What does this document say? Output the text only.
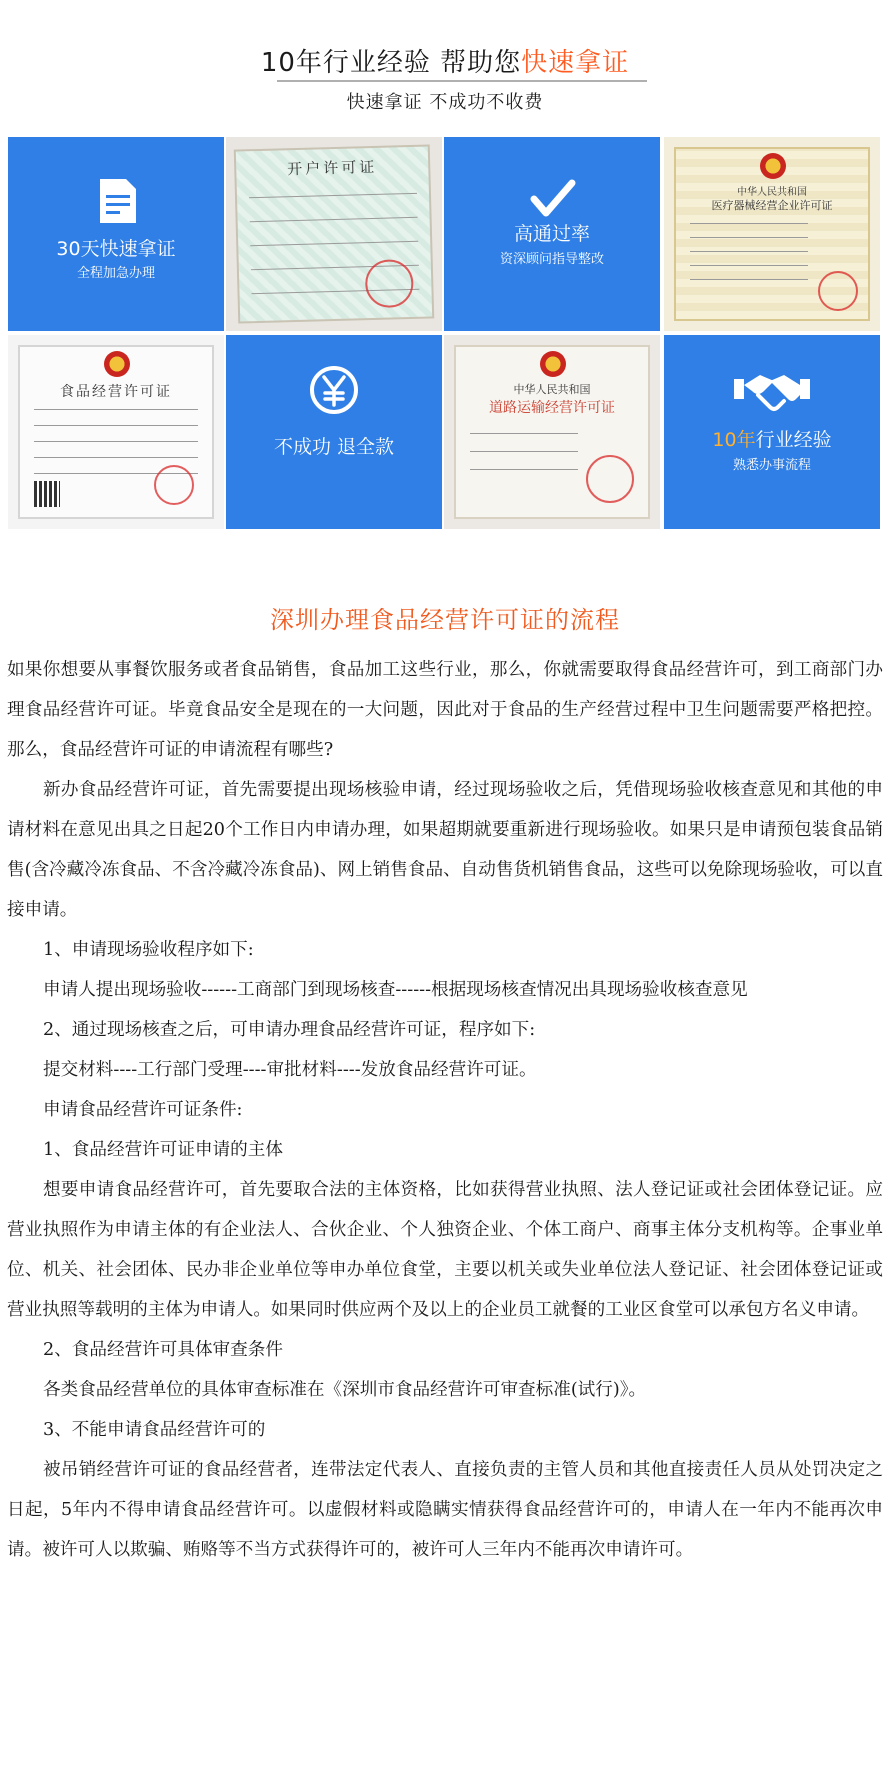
10年行业经验 帮助您快速拿证
快速拿证 不成功不收费
30天快速拿证
全程加急办理
开户许可证
高通过率
资深顾问指导整改
中华人民共和国
医疗器械经营企业许可证
食品经营许可证
不成功 退全款
中华人民共和国
道路运输经营许可证
10年行业经验
熟悉办事流程
深圳办理食品经营许可证的流程

如果你想要从事餐饮服务或者食品销售，食品加工这些行业，那么，你就需要取得食品经营许可，到工商部门办理食品经营许可证。毕竟食品安全是现在的一大问题，因此对于食品的生产经营过程中卫生问题需要严格把控。那么，食品经营许可证的申请流程有哪些?

新办食品经营许可证，首先需要提出现场核验申请，经过现场验收之后，凭借现场验收核查意见和其他的申请材料在意见出具之日起20个工作日内申请办理，如果超期就要重新进行现场验收。如果只是申请预包装食品销售(含冷藏冷冻食品、不含冷藏冷冻食品)、网上销售食品、自动售货机销售食品，这些可以免除现场验收，可以直接申请。

1、申请现场验收程序如下:

申请人提出现场验收------工商部门到现场核查------根据现场核查情况出具现场验收核查意见

2、通过现场核查之后，可申请办理食品经营许可证，程序如下:

提交材料----工行部门受理----审批材料----发放食品经营许可证。

申请食品经营许可证条件:

1、食品经营许可证申请的主体

想要申请食品经营许可，首先要取合法的主体资格，比如获得营业执照、法人登记证或社会团体登记证。应营业执照作为申请主体的有企业法人、合伙企业、个人独资企业、个体工商户、商事主体分支机构等。企事业单位、机关、社会团体、民办非企业单位等申办单位食堂，主要以机关或失业单位法人登记证、社会团体登记证或营业执照等载明的主体为申请人。如果同时供应两个及以上的企业员工就餐的工业区食堂可以承包方名义申请。

2、食品经营许可具体审查条件

各类食品经营单位的具体审查标准在《深圳市食品经营许可审查标准(试行)》。

3、不能申请食品经营许可的

被吊销经营许可证的食品经营者，连带法定代表人、直接负责的主管人员和其他直接责任人员从处罚决定之日起，5年内不得申请食品经营许可。以虚假材料或隐瞒实情获得食品经营许可的，申请人在一年内不能再次申请。被许可人以欺骗、贿赂等不当方式获得许可的，被许可人三年内不能再次申请许可。
